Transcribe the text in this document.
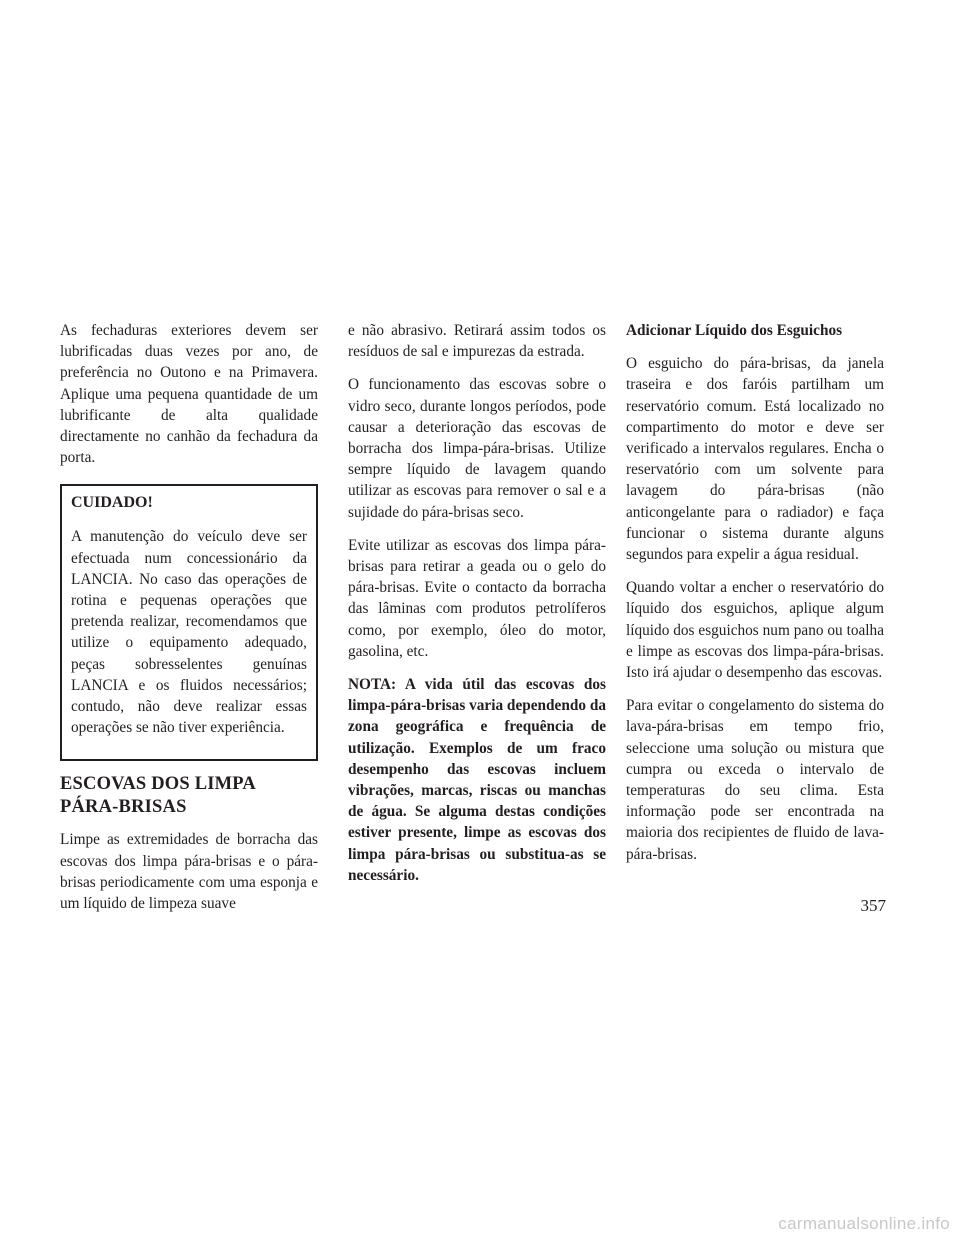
As fechaduras exteriores devem ser lubrificadas duas vezes por ano, de preferência no Outono e na Primavera. Aplique uma pequena quantidade de um lubrificante de alta qualidade directamente no canhão da fechadura da porta.

CUIDADO!

A manutenção do veículo deve ser efectuada num concessionário da LANCIA. No caso das operações de rotina e pequenas operações que pretenda realizar, recomendamos que utilize o equipamento adequado, peças sobresselentes genuínas LANCIA e os fluidos necessários; contudo, não deve realizar essas operações se não tiver experiência.

ESCOVAS DOS LIMPA PÁRA-BRISAS

Limpe as extremidades de borracha das escovas dos limpa pára-brisas e o pára-brisas periodicamente com uma esponja e um líquido de limpeza suave

e não abrasivo. Retirará assim todos os resíduos de sal e impurezas da estrada.

O funcionamento das escovas sobre o vidro seco, durante longos períodos, pode causar a deterioração das escovas de borracha dos limpa-pára-brisas. Utilize sempre líquido de lavagem quando utilizar as escovas para remover o sal e a sujidade do pára-brisas seco.

Evite utilizar as escovas dos limpa pára-brisas para retirar a geada ou o gelo do pára-brisas. Evite o contacto da borracha das lâminas com produtos petrolíferos como, por exemplo, óleo do motor, gasolina, etc.

NOTA: A vida útil das escovas dos limpa-pára-brisas varia dependendo da zona geográfica e frequência de utilização. Exemplos de um fraco desempenho das escovas incluem vibrações, marcas, riscas ou manchas de água. Se alguma destas condições estiver presente, limpe as escovas dos limpa pára-brisas ou substitua-as se necessário.

Adicionar Líquido dos Esguichos

O esguicho do pára-brisas, da janela traseira e dos faróis partilham um reservatório comum. Está localizado no compartimento do motor e deve ser verificado a intervalos regulares. Encha o reservatório com um solvente para lavagem do pára-brisas (não anticongelante para o radiador) e faça funcionar o sistema durante alguns segundos para expelir a água residual.

Quando voltar a encher o reservatório do líquido dos esguichos, aplique algum líquido dos esguichos num pano ou toalha e limpe as escovas dos limpa-pára-brisas. Isto irá ajudar o desempenho das escovas.

Para evitar o congelamento do sistema do lava-pára-brisas em tempo frio, seleccione uma solução ou mistura que cumpra ou exceda o intervalo de temperaturas do seu clima. Esta informação pode ser encontrada na maioria dos recipientes de fluido de lava-pára-brisas.

357
carmanualsonline.info
